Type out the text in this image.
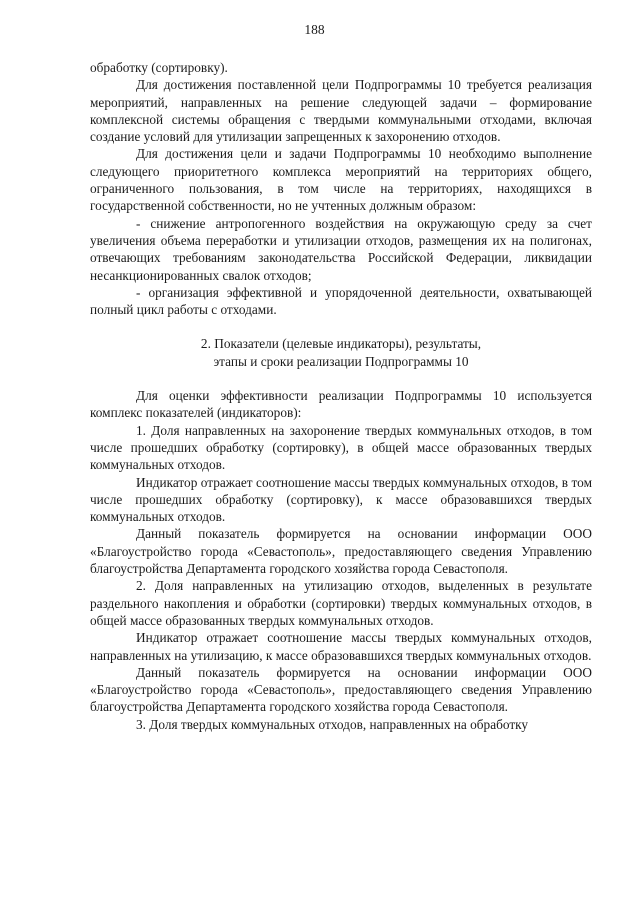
188

обработку (сортировку).

Для достижения поставленной цели Подпрограммы 10 требуется реализация мероприятий, направленных на решение следующей задачи – формирование комплексной системы обращения с твердыми коммунальными отходами, включая создание условий для утилизации запрещенных к захоронению отходов.

Для достижения цели и задачи Подпрограммы 10 необходимо выполнение следующего приоритетного комплекса мероприятий на территориях общего, ограниченного пользования, в том числе на территориях, находящихся в государственной собственности, но не учтенных должным образом:

- снижение антропогенного воздействия на окружающую среду за счет увеличения объема переработки и утилизации отходов, размещения их на полигонах, отвечающих требованиям законодательства Российской Федерации, ликвидации несанкционированных свалок отходов;

- организация эффективной и упорядоченной деятельности, охватывающей полный цикл работы с отходами.

2. Показатели (целевые индикаторы), результаты,

этапы и сроки реализации Подпрограммы 10

Для оценки эффективности реализации Подпрограммы 10 используется комплекс показателей (индикаторов):

1. Доля направленных на захоронение твердых коммунальных отходов, в том числе прошедших обработку (сортировку), в общей массе образованных твердых коммунальных отходов.

Индикатор отражает соотношение массы твердых коммунальных отходов, в том числе прошедших обработку (сортировку), к массе образовавшихся твердых коммунальных отходов.

Данный показатель формируется на основании информации ООО «Благоустройство города «Севастополь», предоставляющего сведения Управлению благоустройства Департамента городского хозяйства города Севастополя.

2. Доля направленных на утилизацию отходов, выделенных в результате раздельного накопления и обработки (сортировки) твердых коммунальных отходов, в общей массе образованных твердых коммунальных отходов.

Индикатор отражает соотношение массы твердых коммунальных отходов, направленных на утилизацию, к массе образовавшихся твердых коммунальных отходов.

Данный показатель формируется на основании информации ООО «Благоустройство города «Севастополь», предоставляющего сведения Управлению благоустройства Департамента городского хозяйства города Севастополя.

3. Доля твердых коммунальных отходов, направленных на обработку
